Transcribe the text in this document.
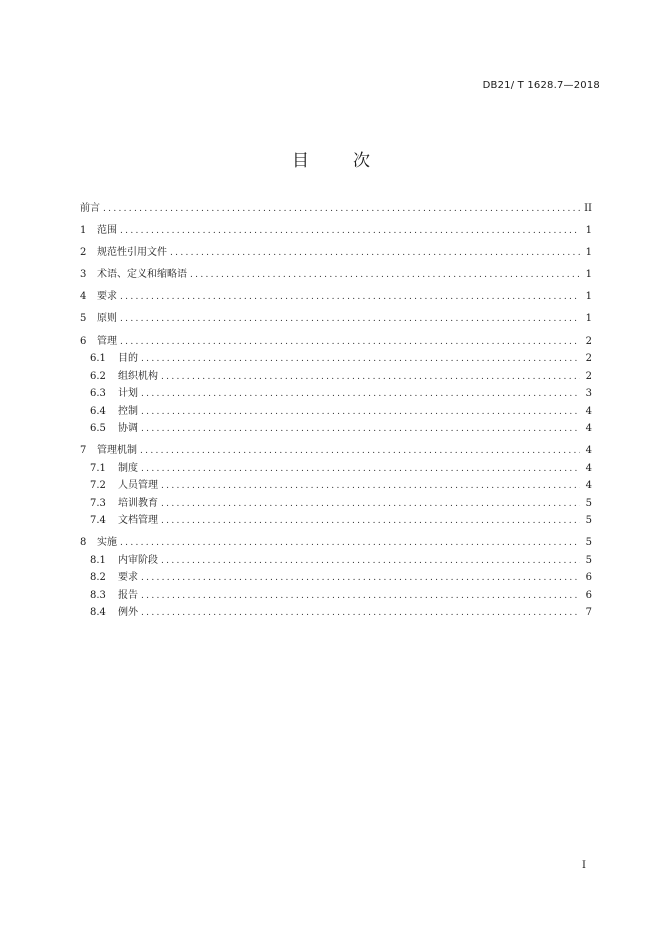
DB21/ T 1628.7—2018
目	次
前言 .....	II
1	范围 .....	1
2	规范性引用文件 .....	1
3	术语、定义和缩略语 .....	1
4	要求 .....	1
5	原则 .....	1
6	管理 .....	2
6.1	目的 .....	2
6.2	组织机构 .....	2
6.3	计划 .....	3
6.4	控制 .....	4
6.5	协调 .....	4
7	管理机制 .....	4
7.1	制度 .....	4
7.2	人员管理 .....	4
7.3	培训教育 .....	5
7.4	文档管理 .....	5
8	实施 .....	5
8.1	内审阶段 .....	5
8.2	要求 .....	6
8.3	报告 .....	6
8.4	例外 .....	7
I
